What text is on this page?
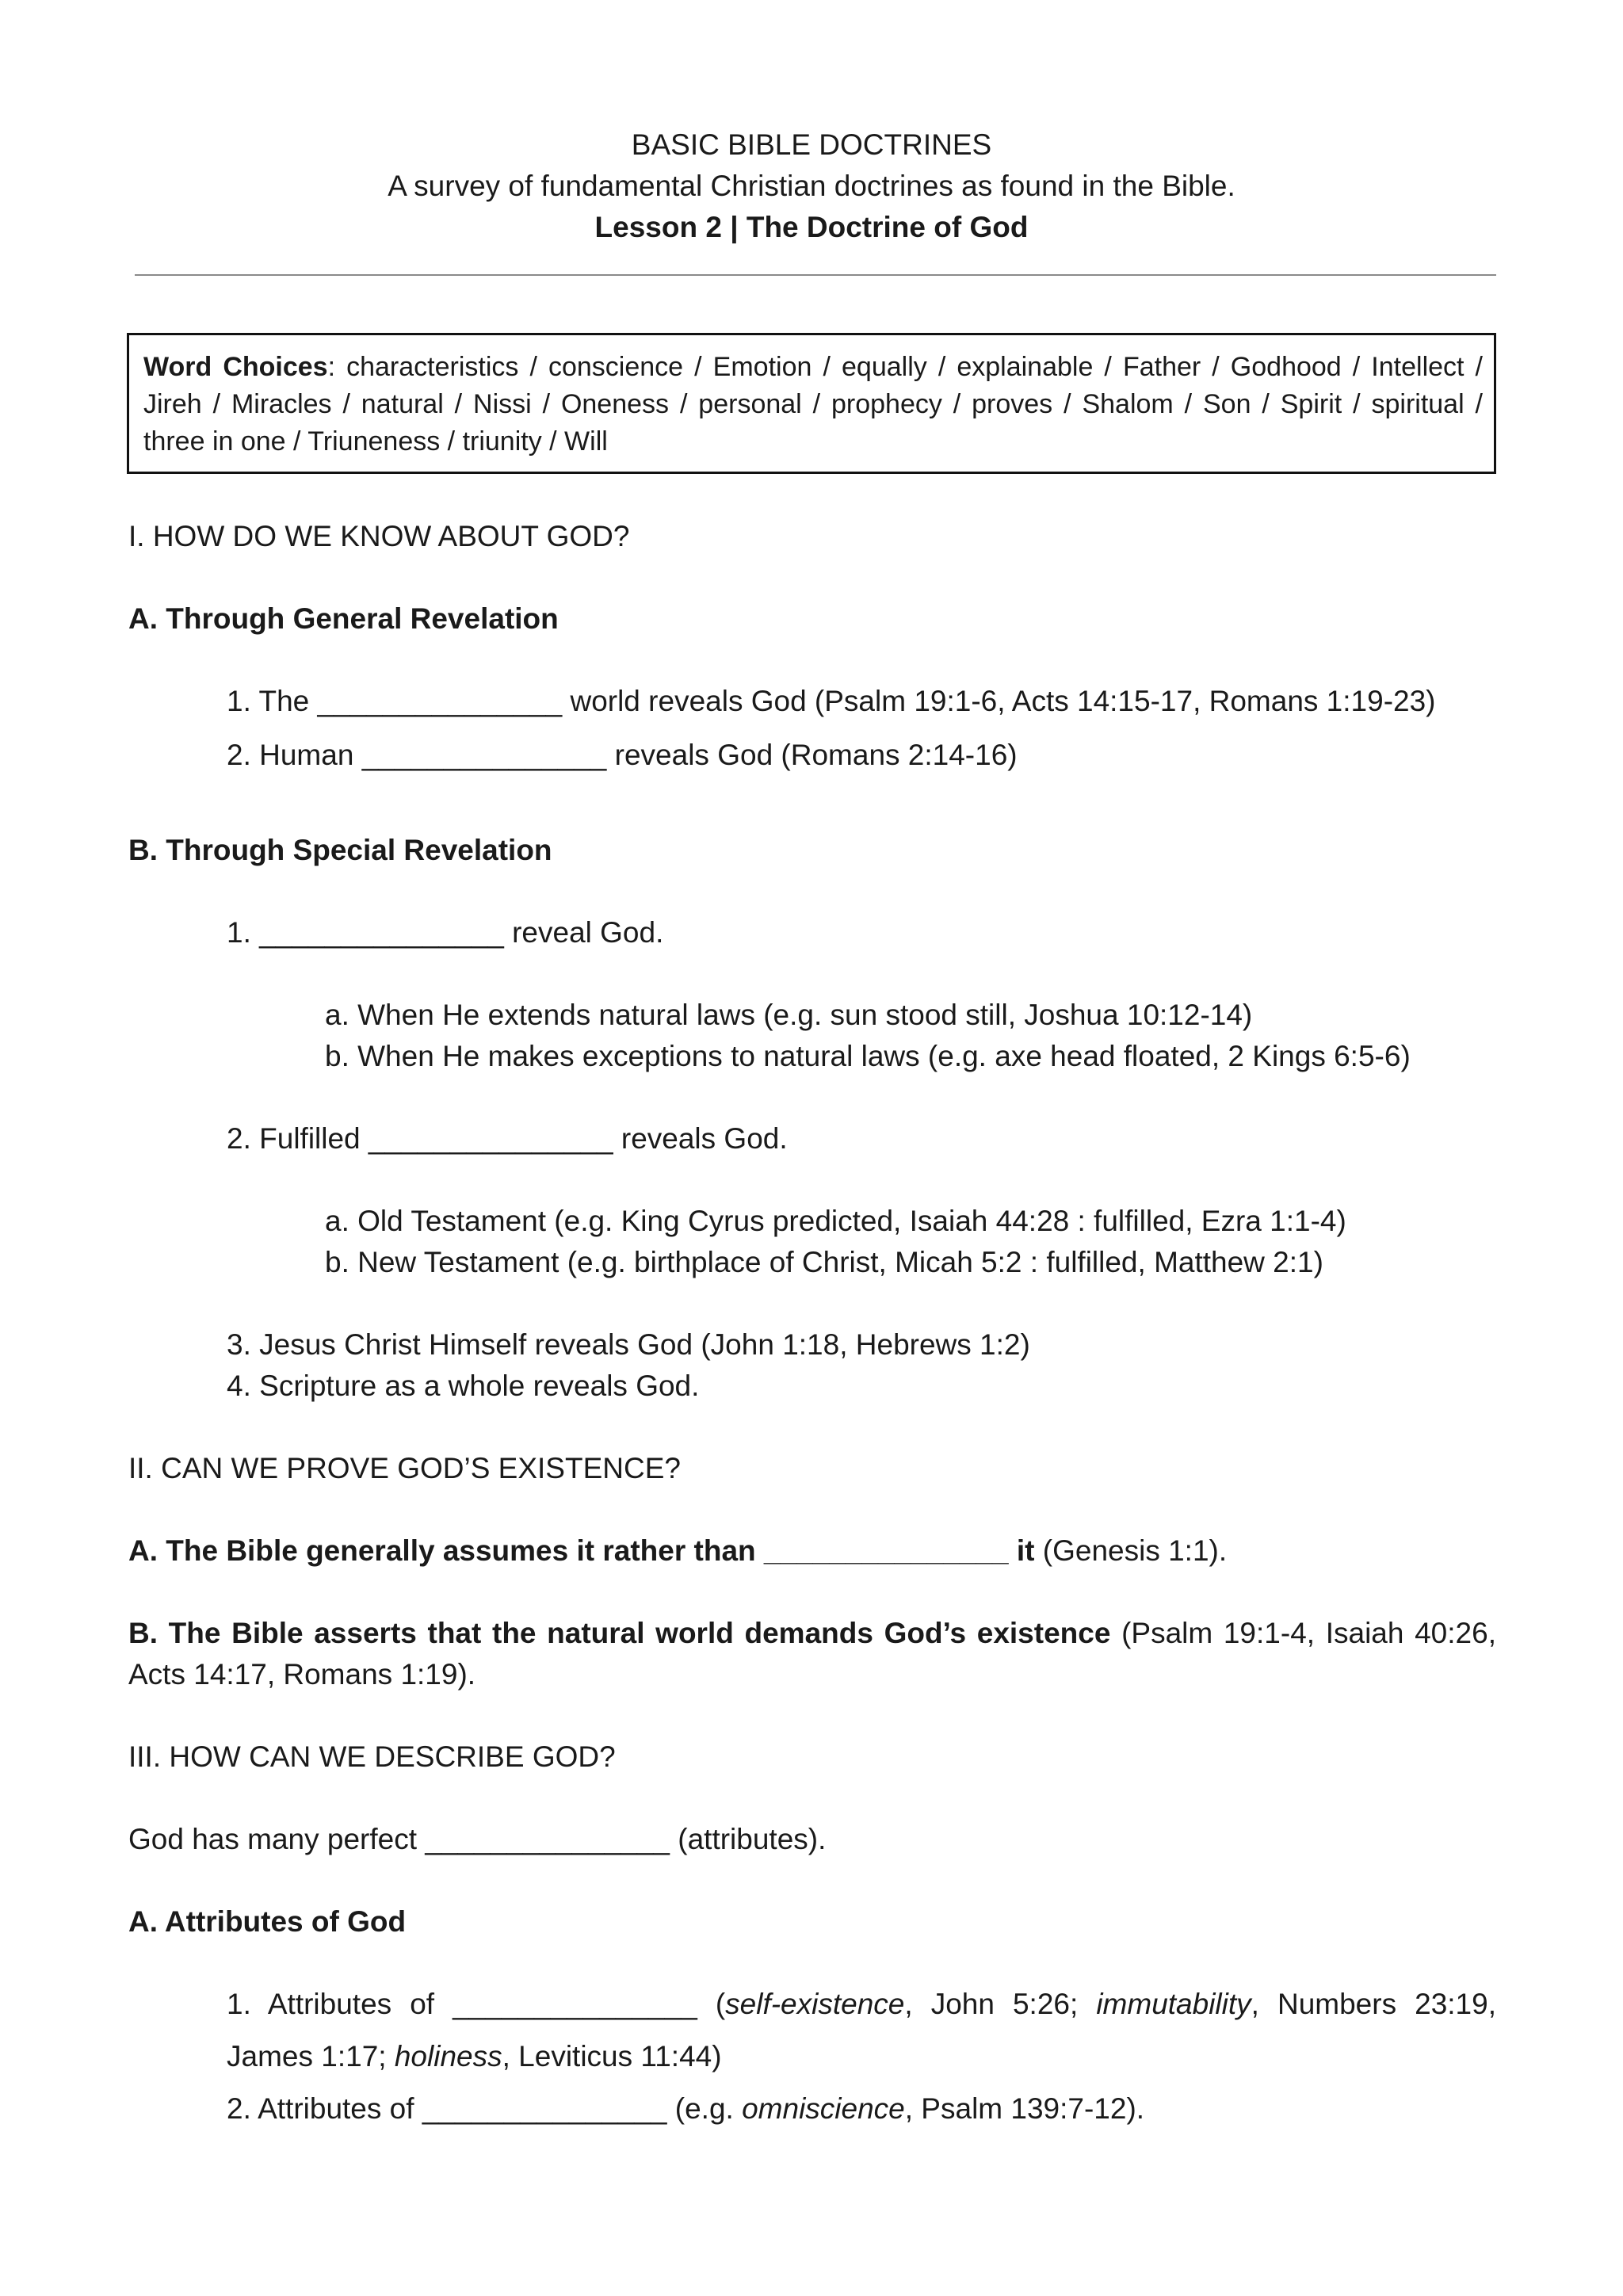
BASIC BIBLE DOCTRINES
A survey of fundamental Christian doctrines as found in the Bible.
Lesson 2 | The Doctrine of God
Word Choices: characteristics / conscience / Emotion / equally / explainable / Father / Godhood / Intellect /
Jireh / Miracles / natural / Nissi / Oneness / personal / prophecy / proves / Shalom / Son / Spirit / spiritual /
three in one / Triuneness / triunity / Will
I. HOW DO WE KNOW ABOUT GOD?
A. Through General Revelation
1. The _______________ world reveals God (Psalm 19:1-6, Acts 14:15-17, Romans 1:19-23)
2. Human _______________ reveals God (Romans 2:14-16)
B. Through Special Revelation
1. _______________ reveal God.
a. When He extends natural laws (e.g. sun stood still, Joshua 10:12-14)
b. When He makes exceptions to natural laws (e.g. axe head floated, 2 Kings 6:5-6)
2. Fulfilled _______________ reveals God.
a. Old Testament (e.g. King Cyrus predicted, Isaiah 44:28 : fulfilled, Ezra 1:1-4)
b. New Testament (e.g. birthplace of Christ, Micah 5:2 : fulfilled, Matthew 2:1)
3. Jesus Christ Himself reveals God (John 1:18, Hebrews 1:2)
4. Scripture as a whole reveals God.
II. CAN WE PROVE GOD’S EXISTENCE?
A. The Bible generally assumes it rather than _______________ it (Genesis 1:1).
B. The Bible asserts that the natural world demands God’s existence (Psalm 19:1-4, Isaiah 40:26,
Acts 14:17, Romans 1:19).
III. HOW CAN WE DESCRIBE GOD?
God has many perfect _______________ (attributes).
A. Attributes of God
1. Attributes of _______________ (self-existence, John 5:26; immutability, Numbers 23:19,
James 1:17; holiness, Leviticus 11:44)
2. Attributes of _______________ (e.g. omniscience, Psalm 139:7-12).
